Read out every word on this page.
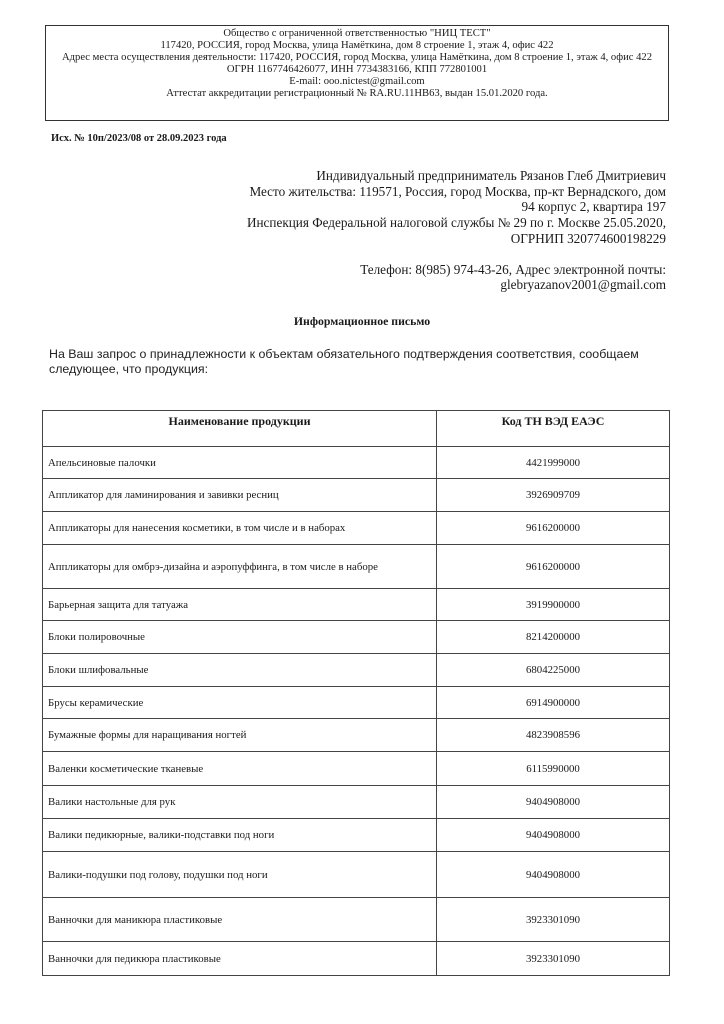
Общество с ограниченной ответственностью "НИЦ ТЕСТ"
117420, РОССИЯ, город Москва, улица Намёткина, дом 8 строение 1, этаж 4, офис 422
Адрес места осуществления деятельности: 117420, РОССИЯ, город Москва, улица Намёткина, дом 8 строение 1, этаж 4, офис 422
ОГРН 1167746426077, ИНН 7734383166, КПП 772801001
E-mail: ooo.nictest@gmail.com
Аттестат аккредитации регистрационный № RA.RU.11НВ63, выдан 15.01.2020 года.
Исх. № 10п/2023/08 от 28.09.2023 года
Индивидуальный предприниматель Рязанов Глеб Дмитриевич
Место жительства: 119571, Россия, город Москва, пр-кт Вернадского, дом
94 корпус 2, квартира 197
Инспекция Федеральной налоговой службы № 29 по г. Москве 25.05.2020,
ОГРНИП 320774600198229
Телефон: 8(985) 974-43-26, Адрес электронной почты:
glebryazanov2001@gmail.com
Информационное письмо
На Ваш запрос о принадлежности к объектам обязательного подтверждения соответствия, сообщаем следующее, что продукция:
Наименование продукции	Код ТН ВЭД ЕАЭС
Апельсиновые палочки	4421999000
Аппликатор для ламинирования и завивки ресниц	3926909709
Аппликаторы для нанесения косметики, в том числе и в наборах	9616200000
Аппликаторы для омбрэ-дизайна и аэропуффинга, в том числе в наборе	9616200000
Барьерная защита для татуажа	3919900000
Блоки полировочные	8214200000
Блоки шлифовальные	6804225000
Брусы керамические	6914900000
Бумажные формы для наращивания ногтей	4823908596
Валенки косметические тканевые	6115990000
Валики настольные для рук	9404908000
Валики педикюрные, валики-подставки под ноги	9404908000
Валики-подушки под голову, подушки под ноги	9404908000
Ванночки для маникюра пластиковые	3923301090
Ванночки для педикюра пластиковые	3923301090
